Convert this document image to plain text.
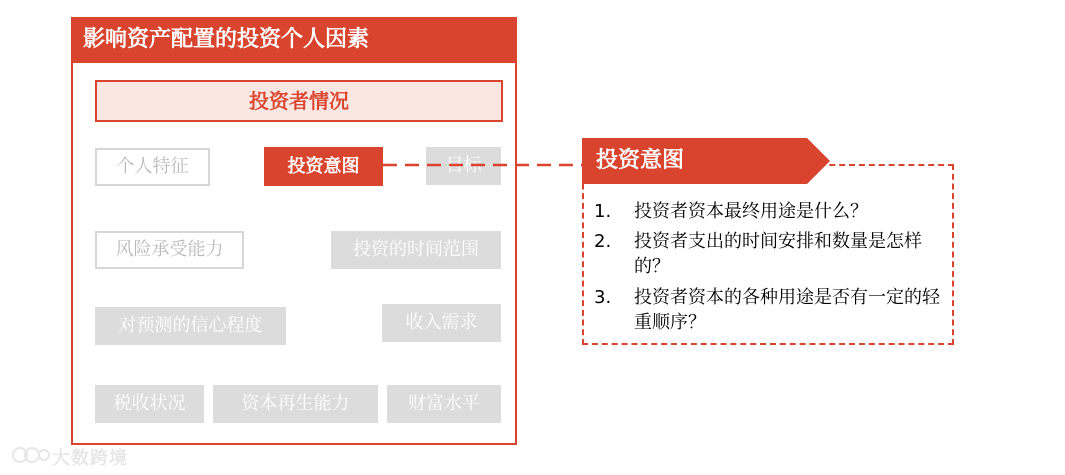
影响资产配置的投资个人因素
投资者情况
个人特征	投资意图	目标
风险承受能力	投资的时间范围
对预测的信心程度	收入需求
税收状况	资本再生能力	财富水平
投资意图
1. 投资者资本最终用途是什么？
2. 投资者支出的时间安排和数量是怎样的？
3. 投资者资本的各种用途是否有一定的轻重顺序？
大数跨境
